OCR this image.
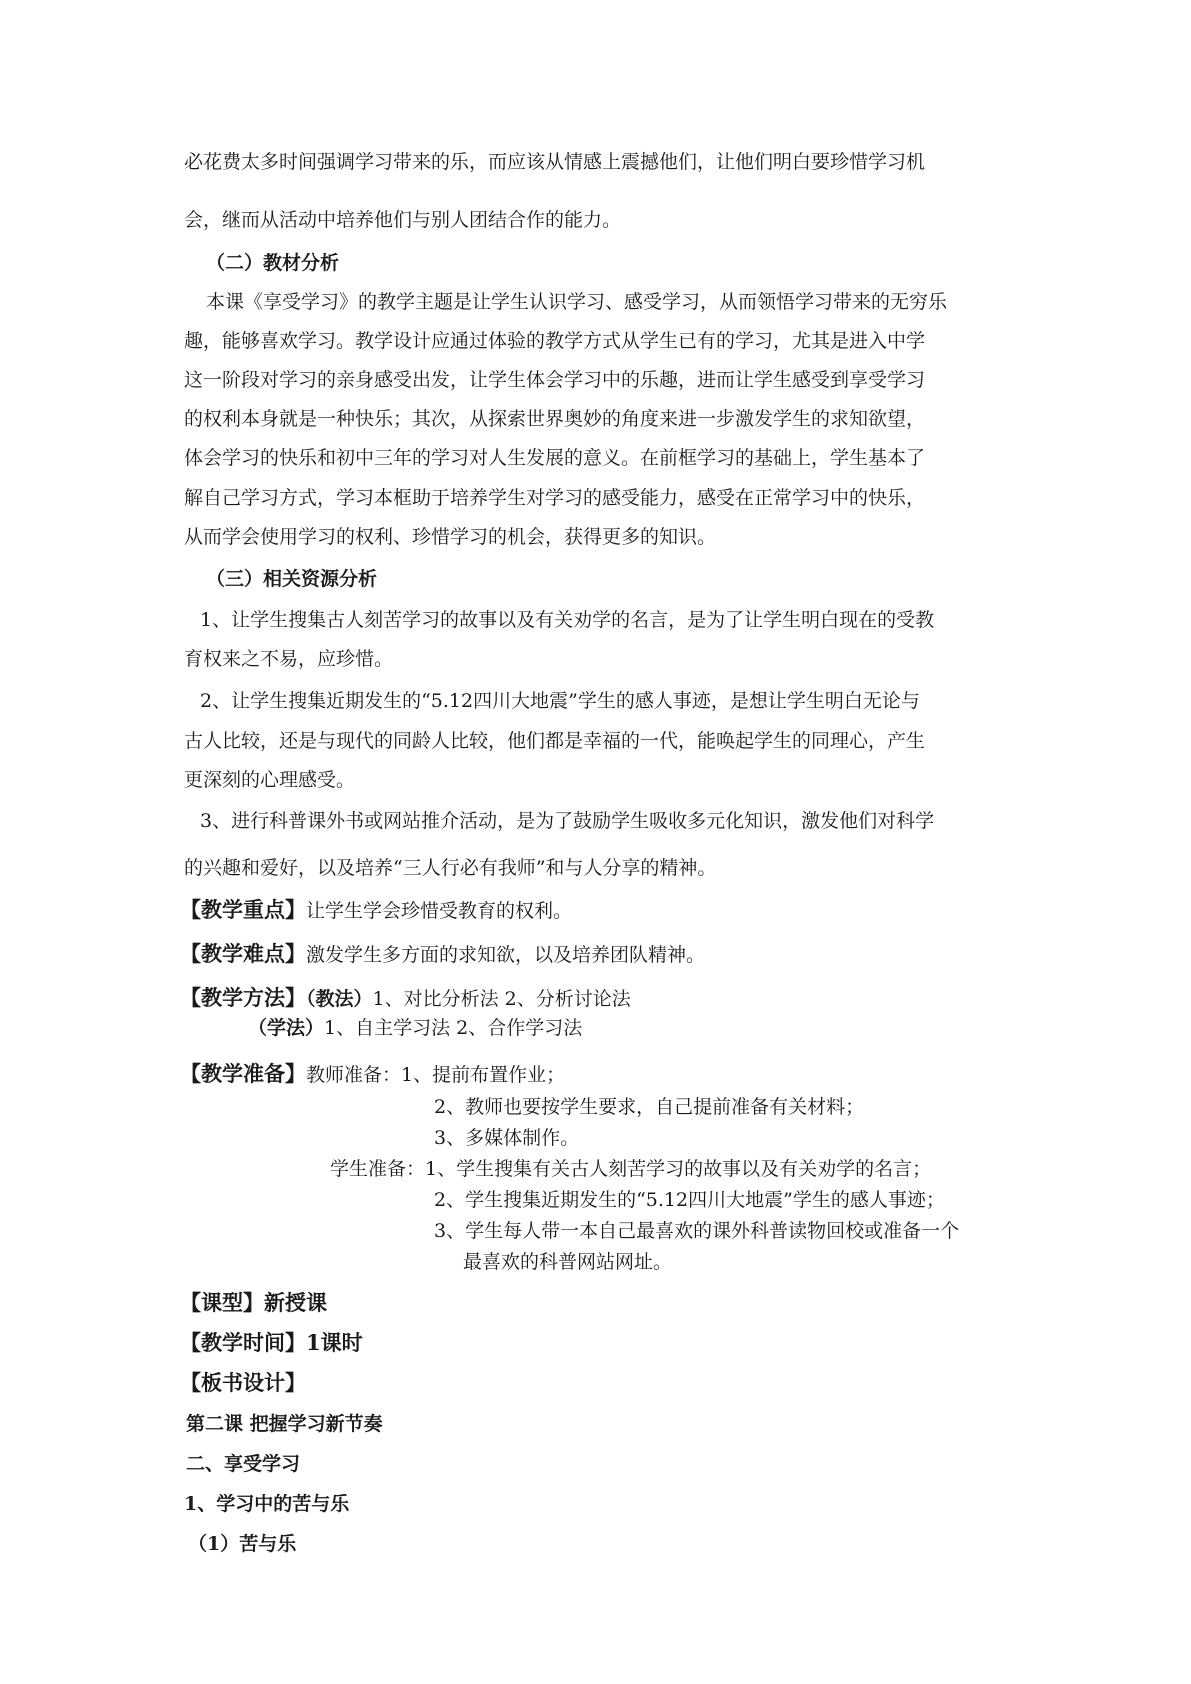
必花费太多时间强调学习带来的乐，而应该从情感上震撼他们，让他们明白要珍惜学习机
会，继而从活动中培养他们与别人团结合作的能力。
（二）教材分析
本课《享受学习》的教学主题是让学生认识学习、感受学习，从而领悟学习带来的无穷乐
趣，能够喜欢学习。教学设计应通过体验的教学方式从学生已有的学习，尤其是进入中学
这一阶段对学习的亲身感受出发，让学生体会学习中的乐趣，进而让学生感受到享受学习
的权利本身就是一种快乐；其次，从探索世界奥妙的角度来进一步激发学生的求知欲望，
体会学习的快乐和初中三年的学习对人生发展的意义。在前框学习的基础上，学生基本了
解自己学习方式，学习本框助于培养学生对学习的感受能力，感受在正常学习中的快乐，
从而学会使用学习的权利、珍惜学习的机会，获得更多的知识。
（三）相关资源分析
1、让学生搜集古人刻苦学习的故事以及有关劝学的名言，是为了让学生明白现在的受教
育权来之不易，应珍惜。
2、让学生搜集近期发生的“5.12四川大地震”学生的感人事迹，是想让学生明白无论与
古人比较，还是与现代的同龄人比较，他们都是幸福的一代，能唤起学生的同理心，产生
更深刻的心理感受。
3、进行科普课外书或网站推介活动，是为了鼓励学生吸收多元化知识，激发他们对科学
的兴趣和爱好，以及培养“三人行必有我师”和与人分享的精神。
【教学重点】让学生学会珍惜受教育的权利。
【教学难点】激发学生多方面的求知欲，以及培养团队精神。
【教学方法】（教法）1、对比分析法 2、分析讨论法
（学法）1、自主学习法 2、合作学习法
【教学准备】教师准备：1、提前布置作业；
2、教师也要按学生要求，自己提前准备有关材料；
3、多媒体制作。
学生准备：1、学生搜集有关古人刻苦学习的故事以及有关劝学的名言；
2、学生搜集近期发生的“5.12四川大地震”学生的感人事迹；
3、学生每人带一本自己最喜欢的课外科普读物回校或准备一个
最喜欢的科普网站网址。
【课型】新授课
【教学时间】1课时
【板书设计】
第二课 把握学习新节奏
二、享受学习
1、学习中的苦与乐
（1）苦与乐
